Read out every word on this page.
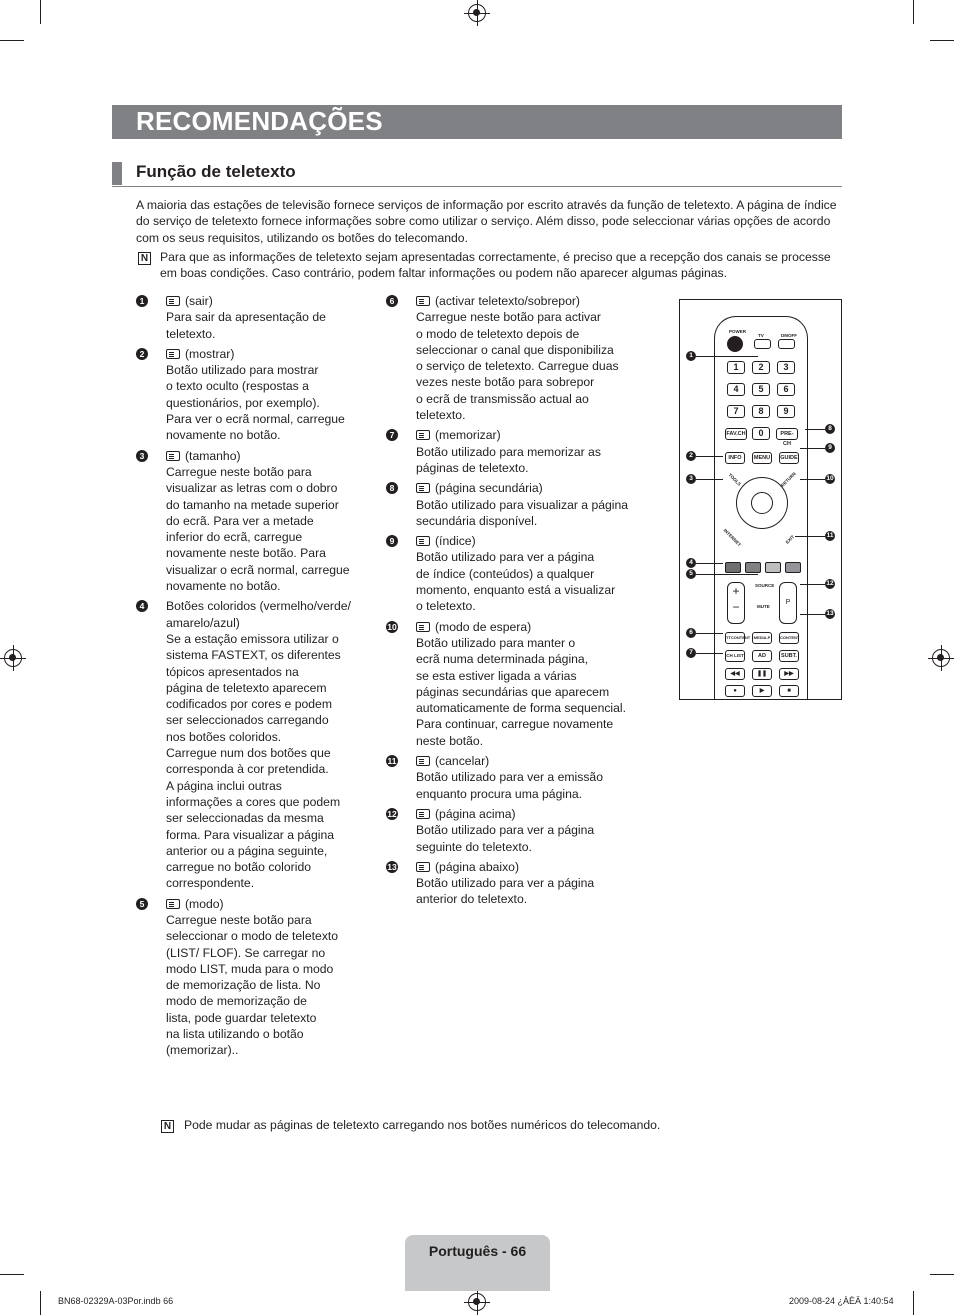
RECOMENDAÇÕES
Função de teletexto
A maioria das estações de televisão fornece serviços de informação por escrito através da função de teletexto. A página de índice do serviço de teletexto fornece informações sobre como utilizar o serviço. Além disso, pode seleccionar várias opções de acordo com os seus requisitos, utilizando os botões do telecomando.
N Para que as informações de teletexto sejam apresentadas correctamente, é preciso que a recepção dos canais se processe em boas condições. Caso contrário, podem faltar informações ou podem não aparecer algumas páginas.
1	(sair)
Para sair da apresentação de
teletexto.
2	(mostrar)
Botão utilizado para mostrar
o texto oculto (respostas a
questionários, por exemplo).
Para ver o ecrã normal, carregue
novamente no botão.
3	(tamanho)
Carregue neste botão para
visualizar as letras com o dobro
do tamanho na metade superior
do ecrã. Para ver a metade
inferior do ecrã, carregue
novamente neste botão. Para
visualizar o ecrã normal, carregue
novamente no botão.
4 Botões coloridos (vermelho/verde/
amarelo/azul)
Se a estação emissora utilizar o
sistema FASTEXT, os diferentes
tópicos apresentados na
página de teletexto aparecem
codificados por cores e podem
ser seleccionados carregando
nos botões coloridos.
Carregue num dos botões que
corresponda à cor pretendida.
A página inclui outras
informações a cores que podem
ser seleccionadas da mesma
forma. Para visualizar a página
anterior ou a página seguinte,
carregue no botão colorido
correspondente.
5	(modo)
Carregue neste botão para
seleccionar o modo de teletexto
(LIST/ FLOF). Se carregar no
modo LIST, muda para o modo
de memorização de lista. No
modo de memorização de
lista, pode guardar teletexto
na lista utilizando o botão
(memorizar)..
6	(activar teletexto/sobrepor)
Carregue neste botão para activar
o modo de teletexto depois de
seleccionar o canal que disponibiliza
o serviço de teletexto. Carregue duas
vezes neste botão para sobrepor
o ecrã de transmissão actual ao
teletexto.
7	(memorizar)
Botão utilizado para memorizar as
páginas de teletexto.
8	(página secundária)
Botão utilizado para visualizar a página
secundária disponível.
9	(índice)
Botão utilizado para ver a página
de índice (conteúdos) a qualquer
momento, enquanto está a visualizar
o teletexto.
10	(modo de espera)
Botão utilizado para manter o
ecrã numa determinada página,
se esta estiver ligada a várias
páginas secundárias que aparecem
automaticamente de forma sequencial.
Para continuar, carregue novamente
neste botão.
11	(cancelar)
Botão utilizado para ver a emissão
enquanto procura uma página.
12	(página acima)
Botão utilizado para ver a página
seguinte do teletexto.
13	(página abaixo)
Botão utilizado para ver a página
anterior do teletexto.
POWER
TV	DMOFF
1	2	3
4	5	6
7	8	9
FAV.CH	0	PRE-CH
INFO	MENU	GUIDE
TOOLS	RETURN
INTERNET	EXIT
+
−
SOURCE
MUTE
P
TTCONTENT MEDIA.P	CONTENT
CH LIST	AD	SUBT.
◀◀	❚❚	▶▶
●	▶	■
1
2
3
4
5
6
7
8
9
10
11
12
13
N Pode mudar as páginas de teletexto carregando nos botões numéricos do telecomando.
Português - 66
BN68-02329A-03Por.indb 66	2009-08-24 ¿ÀÈÄ 1:40:54
